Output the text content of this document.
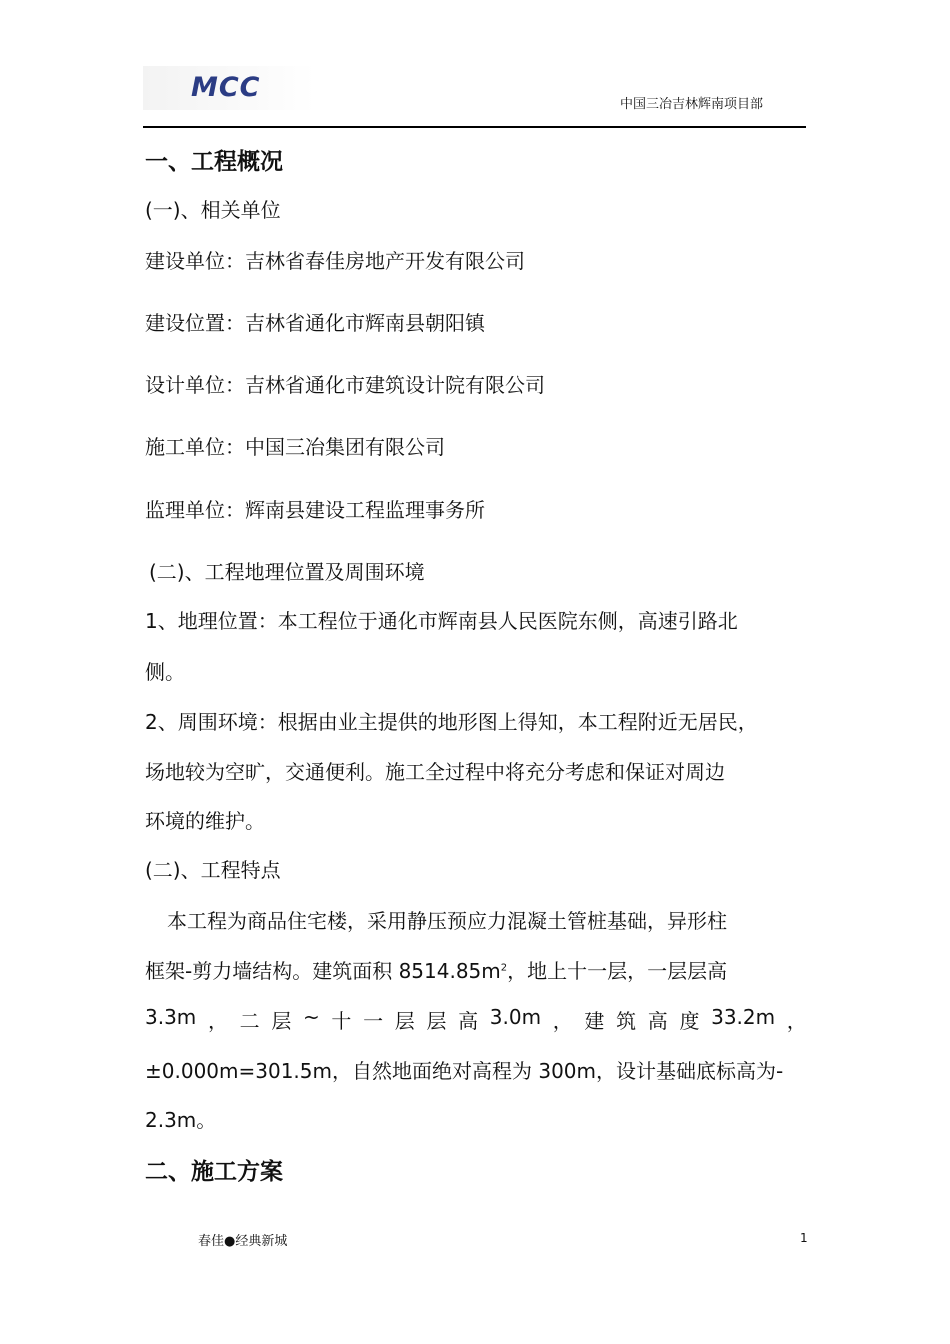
MCC
中国三冶吉林辉南项目部
一、工程概况
(一)、相关单位
建设单位：吉林省春佳房地产开发有限公司
建设位置：吉林省通化市辉南县朝阳镇
设计单位：吉林省通化市建筑设计院有限公司
施工单位：中国三冶集团有限公司
监理单位：辉南县建设工程监理事务所
(二)、工程地理位置及周围环境
1、地理位置：本工程位于通化市辉南县人民医院东侧，高速引路北
侧。
2、周围环境：根据由业主提供的地形图上得知，本工程附近无居民，
场地较为空旷，交通便利。施工全过程中将充分考虑和保证对周边
环境的维护。
(二)、工程特点
本工程为商品住宅楼，采用静压预应力混凝土管桩基础，异形柱
框架-剪力墙结构。建筑面积 $8514.85m^2$，地上十一层，一层层高
3.3m ， 二 层 ~ 十 一 层 层 高 3.0m ， 建 筑 高 度 33.2m ，
±0.000m=301.5m，自然地面绝对高程为 300m，设计基础底标高为-
2.3m。
二、施工方案
春佳●经典新城	1
